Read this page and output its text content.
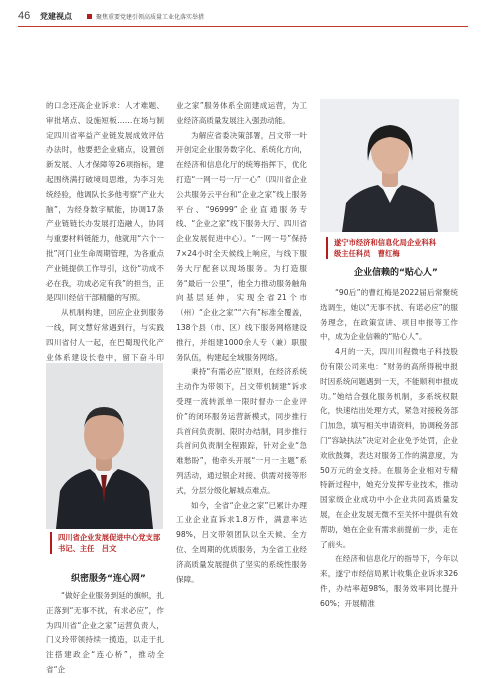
46 党建视点	聚焦重要党建引领高质量工业化落实举措

的口念还高企业诉求：人才难题、审批堵点、设施短板……在场与制定四川省率益产业链发展成效评估办法时，他要把企业痛点，设置创新发展、人才保障等26项指标，建起围绕满打破境局思维，为李习先统经验，他调队长多他考察“产业大脑”，为经身数字赋能，协调17条产业链链长办发展打造融人，协同与重要材料链能力，他就用“六个一批”河门业生命周期管理，为各重点产业链提供工作导引，这份“功成不必在我，功成必定有我”的担当，正是四川经信干部精髓的写照。

从机制构建，回应企业到服务一线，阿文慧好常遇到行，与实践四川省付人一起，在巴蜀现代化产业体系建设长卷中，留下奋斗印

四川省企业发展促进中心党支部
书记、主任　吕文
织密服务“连心网”

“做好企业服务到延的旗帜，扎正落到“无事不扰，有求必应”，作为四川省“企业之家”运营负责人，门义玲带领持续一揽造，以走于扎注搭建政企“连心桥”，推动全省“企

业之家”服务体系全面建成运营，为工业经济高质量发展注入强劲动能。

为解应省委决策部署，吕文带一叶开创定企业服务数字化、系统化方向，在经济和信息化厅的统筹指挥下，优化打造“一网一号一厅一心”（四川省企业公共服务云平台和“企业之家”线上服务平台、“96999”企业直通服务专线、“企业之家”线下服务大厅、四川省企业发展促进中心）。“一网一号”保持7×24小时全天候线上响应，与线下服务大厅配套以现场服务。为打造服务“最后一公里”，他全力推动服务触角向基层延伸，实现全省21个市（州）“企业之家”“六有”标准全覆盖，138个县（市、区）线下服务网格建设推行，并组建1000余人专（兼）职服务队伍，构建起全域服务网络。

秉持“有需必应”原则，在经济系统主动作为带领下，吕文带机制建“诉求受理一流转派单一限时督办一企业评价”的闭环服务运营新模式，同步推行兵首问负责制、限时办结制，同步推行兵首问负责制全程跟踪，针对企业“急难愁盼”，他牵头开展“一月一主题”系列活动，通过银企对接、供需对接等形式，分层分级化解城点难点。

如今，全省“企业之家”已累计办理工业企业直诉求1.8万件，满意率达98%，吕文带领团队以全天候、全方位、全周期的优质服务，为全省工业经济高质量发展提供了坚实的系统性服务保障。

遂宁市经济和信息化局企业科科
级主任科员　曹红梅
企业信赖的“贴心人”

“90后”的曹红梅是2022届后常聚统选调生，她以“无事不扰、有诺必应”的服务理念，在政策宣讲、项目申报等工作中，成为企业信赖的“贴心人”。

4月的一天，四川川程微电子科技股份有限公司来电：“财务的高所得税申报时因系统问题遇到一天，不能顺利申报成功。”她结合强化服务机制，多系统权限化，快速结出处理方式，紧急对接税务部门加急，填写相关申请资料，协调税务部门“容缺执法”决定对企业免予处罚，企业欢欣鼓舞，表达对服务工作的满意度，为50万元的金支持。在服务企业相对专精特新过程中，她充分发挥专业技术，推动国家级企业成功中小企业共同高质量发展，在企业发展无微不至关怀中提供有效帮助，她在企业有需求前提前一步，走在了前头。

在经济和信息化厅的指导下，今年以来，遂宁市经信局累计收集企业诉求326件，办结率超98%，服务效率同比提升60%；开展精准
